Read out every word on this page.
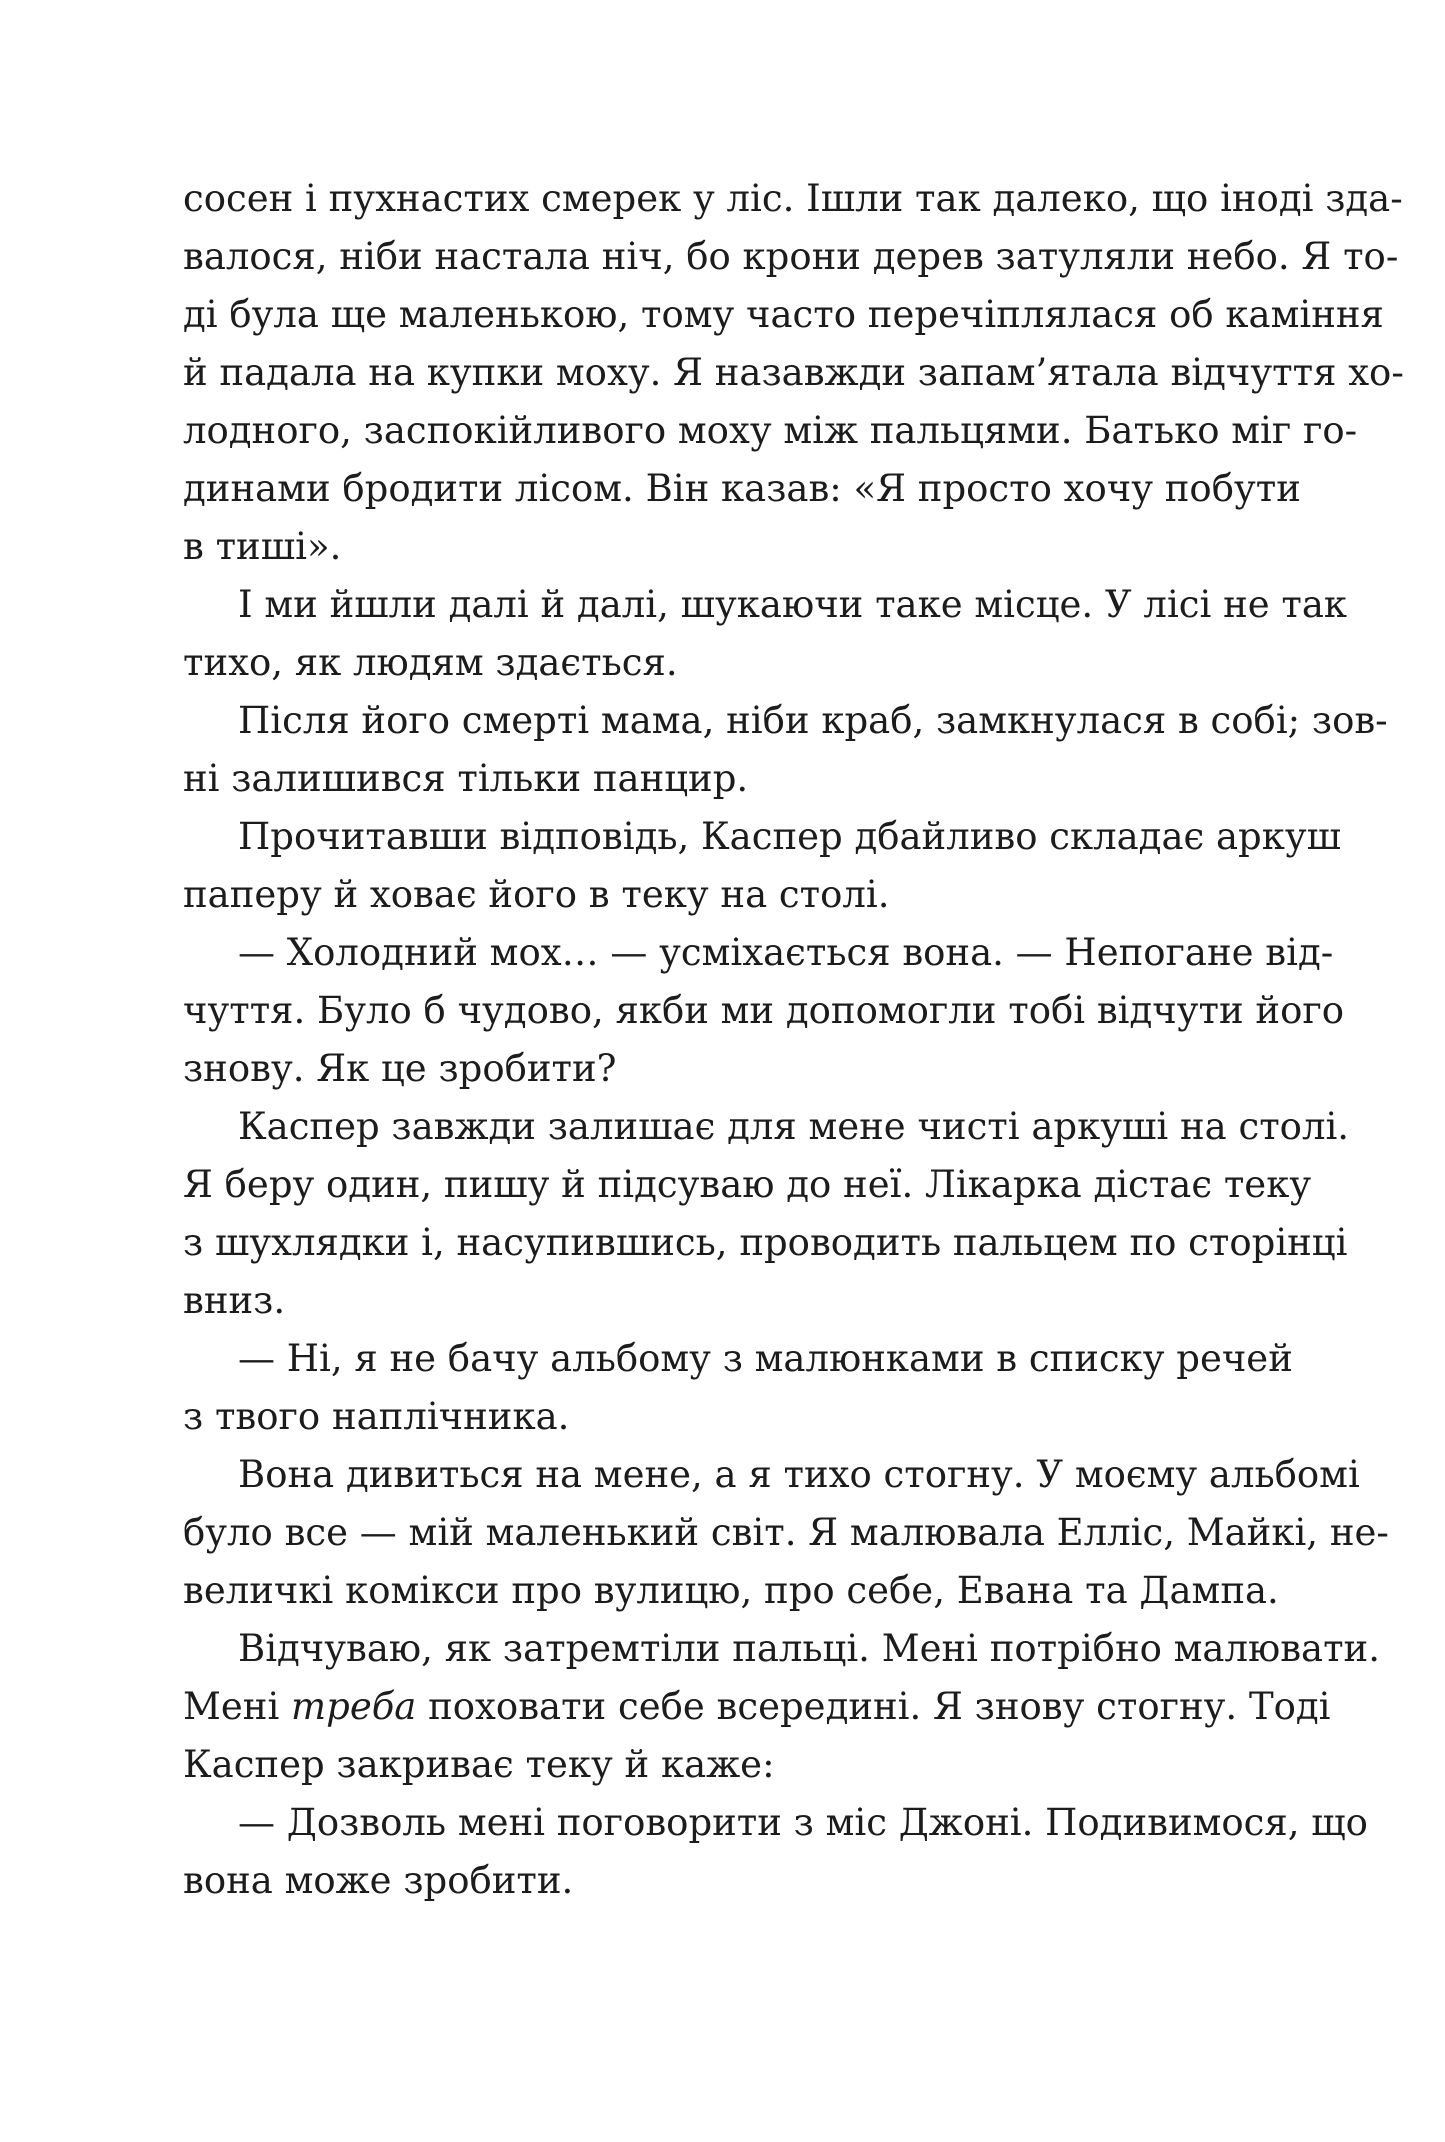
сосен і пухнастих смерек у ліс. Ішли так далеко, що іноді зда-
валося, ніби настала ніч, бо крони дерев затуляли небо. Я то-
ді була ще маленькою, тому часто перечіплялася об каміння
й падала на купки моху. Я назавжди запам’ятала відчуття хо-
лодного, заспокійливого моху між пальцями. Батько міг го-
динами бродити лісом. Він казав: «Я просто хочу побути
в тиші».
І ми йшли далі й далі, шукаючи таке місце. У лісі не так
тихо, як людям здається.
Після його смерті мама, ніби краб, замкнулася в собі; зов-
ні залишився тільки панцир.
Прочитавши відповідь, Каспер дбайливо складає аркуш
паперу й ховає його в теку на столі.
— Холодний мох… — усміхається вона. — Непогане від-
чуття. Було б чудово, якби ми допомогли тобі відчути його
знову. Як це зробити?
Каспер завжди залишає для мене чисті аркуші на столі.
Я беру один, пишу й підсуваю до неї. Лікарка дістає теку
з шухлядки і, насупившись, проводить пальцем по сторінці
вниз.
— Ні, я не бачу альбому з малюнками в списку речей
з твого наплічника.
Вона дивиться на мене, а я тихо стогну. У моєму альбомі
було все — мій маленький світ. Я малювала Елліс, Майкі, не-
величкі комікси про вулицю, про себе, Евана та Дампа.
Відчуваю, як затремтіли пальці. Мені потрібно малювати.
Мені треба поховати себе всередині. Я знову стогну. Тоді
Каспер закриває теку й каже:
— Дозволь мені поговорити з міс Джоні. Подивимося, що
вона може зробити.
